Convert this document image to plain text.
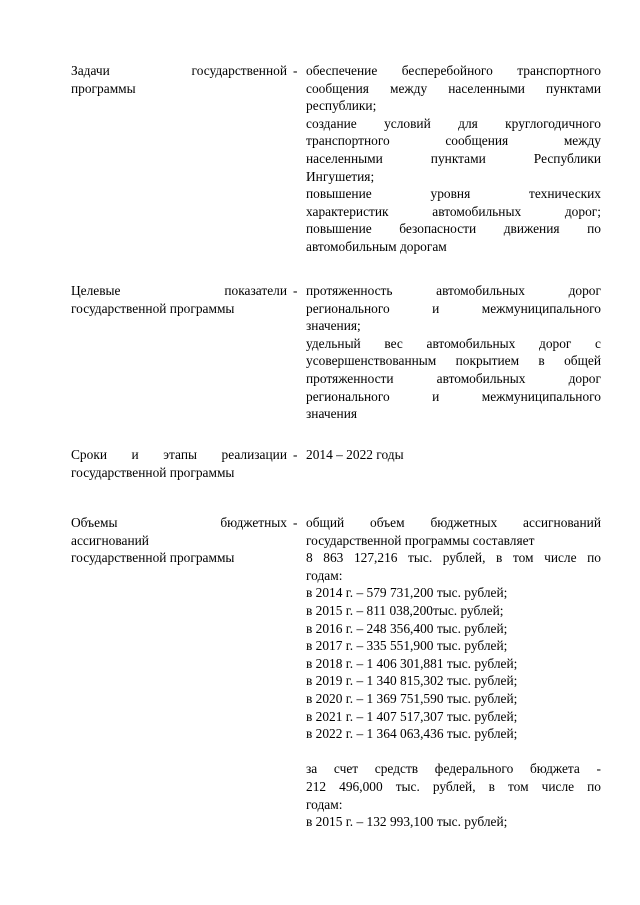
Задачи государственной
программы
- обеспечение бесперебойного транспортного
сообщения между населенными пунктами
республики;
создание условий для круглогодичного
транспортного сообщения между
населенными пунктами Республики
Ингушетия;
повышение уровня технических
характеристик автомобильных дорог;
повышение безопасности движения по
автомобильным дорогам
Целевые показатели
государственной программы
- протяженность автомобильных дорог
регионального и межмуниципального
значения;
удельный вес автомобильных дорог с
усовершенствованным покрытием в общей
протяженности автомобильных дорог
регионального и межмуниципального
значения
Сроки и этапы реализации
государственной программы
- 2014 – 2022 годы
Объемы бюджетных
ассигнований
государственной программы
- общий объем бюджетных ассигнований
государственной программы составляет
8 863 127,216 тыс. рублей, в том числе по
годам:
в 2014 г. – 579 731,200 тыс. рублей;
в 2015 г. – 811 038,200тыс. рублей;
в 2016 г. – 248 356,400 тыс. рублей;
в 2017 г. – 335 551,900 тыс. рублей;
в 2018 г. – 1 406 301,881 тыс. рублей;
в 2019 г. – 1 340 815,302 тыс. рублей;
в 2020 г. – 1 369 751,590 тыс. рублей;
в 2021 г. – 1 407 517,307 тыс. рублей;
в 2022 г. – 1 364 063,436 тыс. рублей;
за счет средств федерального бюджета -
212 496,000 тыс. рублей, в том числе по
годам:
в 2015 г. – 132 993,100 тыс. рублей;
